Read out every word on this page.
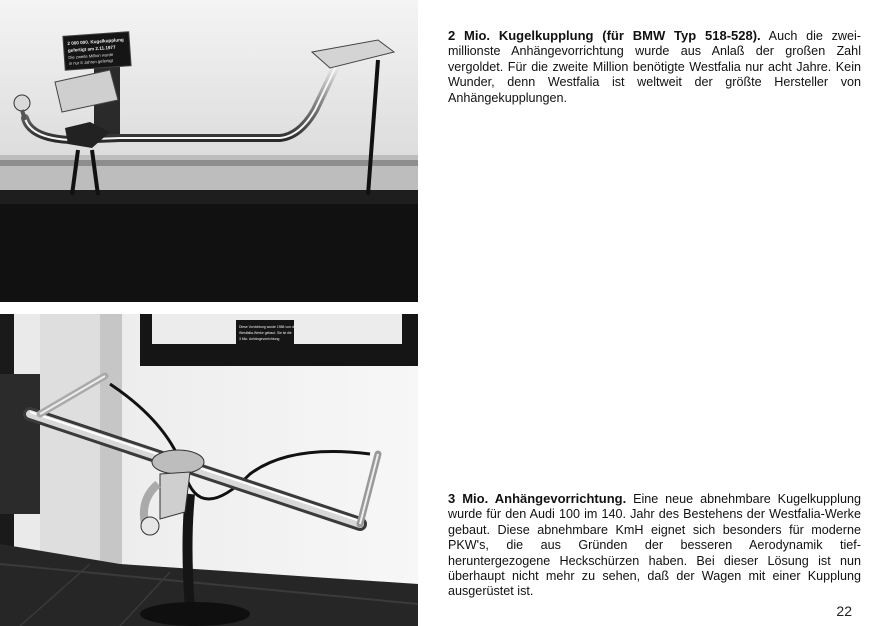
2 000 000. Kugelkupplung
gefertigt am 2.11.1977
Die zweite Million wurde
in nur 8 Jahren gefertigt
Diese Vorrichtung wurde 1986 von der
Westfalia-Werke gebaut. Sie ist die
3 Mio. Anhängevorrichtung

2 Mio. Kugelkupplung (für BMW Typ 518-528). Auch die zweimillionste Anhängevorrichtung wurde aus Anlaß der großen Zahl vergoldet. Für die zweite Million benötigte Westfalia nur acht Jahre. Kein Wunder, denn Westfalia ist weltweit der größte Hersteller von Anhängekupplungen.

3 Mio. Anhängevorrichtung. Eine neue abnehmbare Kugelkupplung wurde für den Audi 100 im 140. Jahr des Bestehens der Westfalia-Werke gebaut. Diese abnehmbare KmH eignet sich besonders für moderne PKW's, die aus Gründen der besseren Aerodynamik tiefheruntergezogene Heckschürzen haben. Bei dieser Lösung ist nun überhaupt nicht mehr zu sehen, daß der Wagen mit einer Kupplung ausgerüstet ist.

22
